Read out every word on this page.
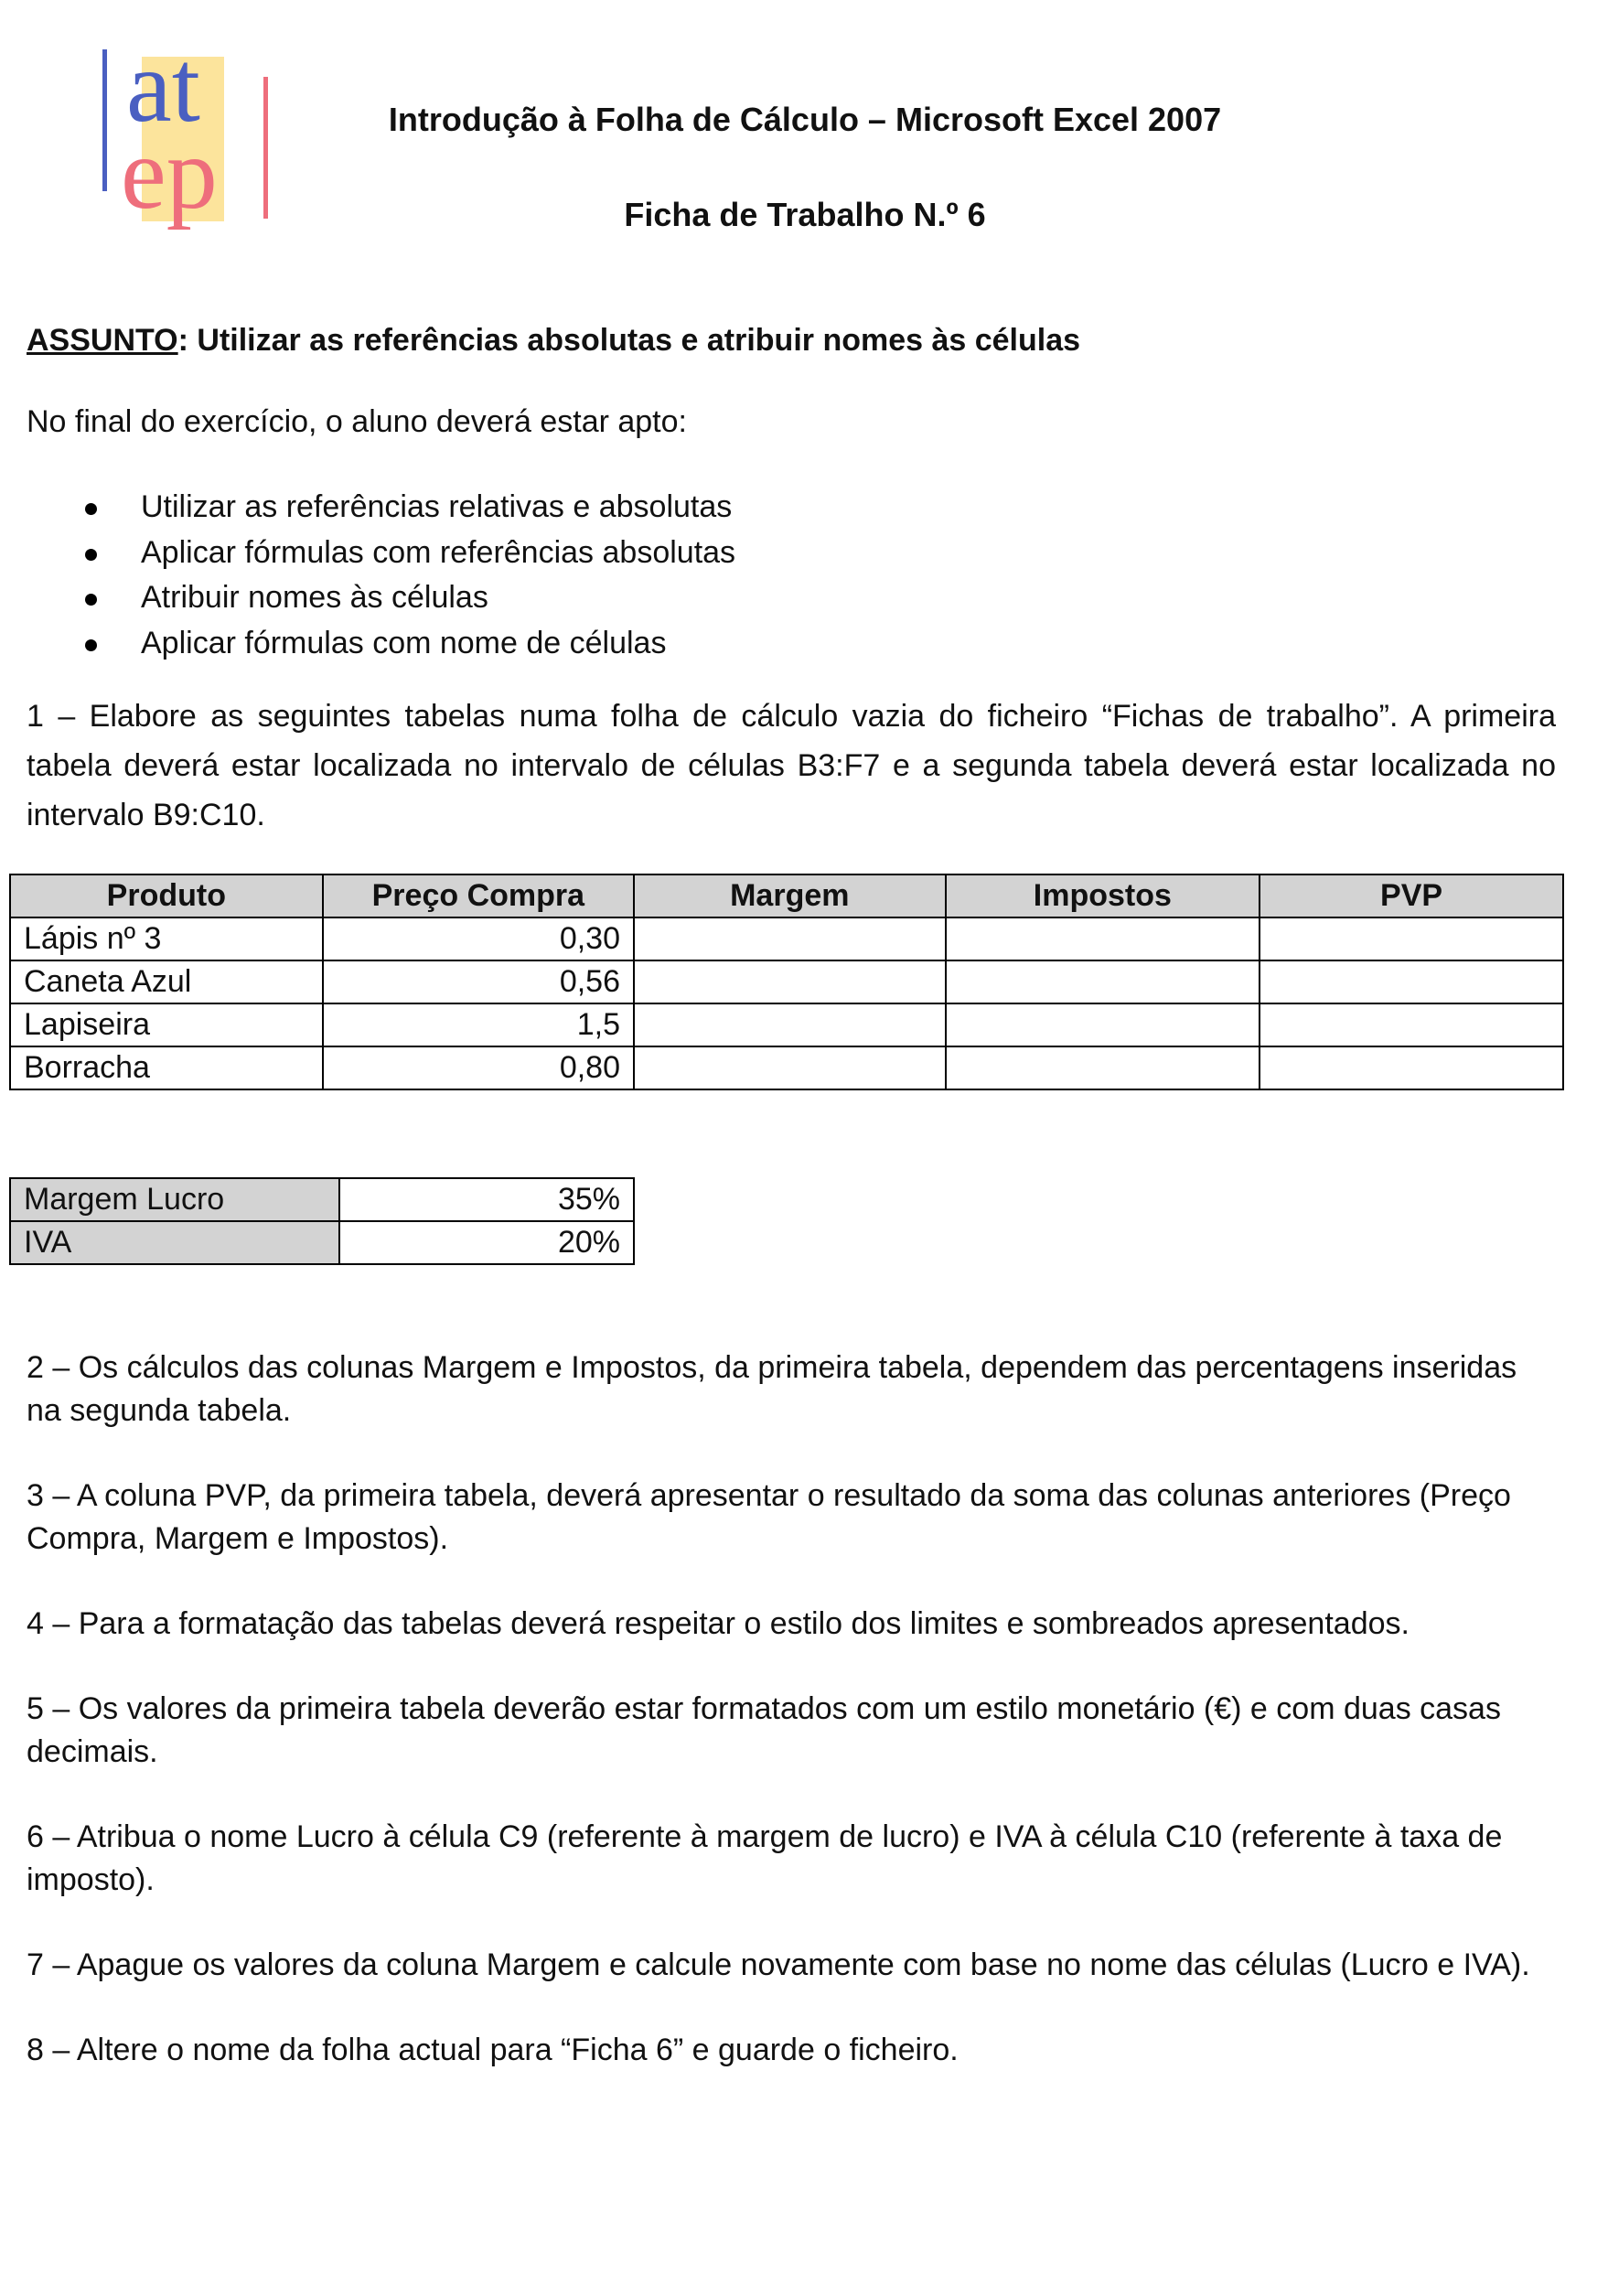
at
ep	Introdução à Folha de Cálculo – Microsoft Excel 2007
Ficha de Trabalho N.º 6
ASSUNTO: Utilizar as referências absolutas e atribuir nomes às células
No final do exercício, o aluno deverá estar apto:
Utilizar as referências relativas e absolutas
Aplicar fórmulas com referências absolutas
Atribuir nomes às células
Aplicar fórmulas com nome de células
1 – Elabore as seguintes tabelas numa folha de cálculo vazia do ficheiro “Fichas de trabalho”. A primeira tabela deverá estar localizada no intervalo de células B3:F7 e a segunda tabela deverá estar localizada no intervalo B9:C10.
Produto	Preço Compra	Margem	Impostos	PVP
Lápis nº 3	0,30			
Caneta Azul	0,56			
Lapiseira	1,5			
Borracha	0,80			
Margem Lucro	35%
IVA	20%
2 – Os cálculos das colunas Margem e Impostos, da primeira tabela, dependem das percentagens inseridas na segunda tabela.
3 – A coluna PVP, da primeira tabela, deverá apresentar o resultado da soma das colunas anteriores (Preço Compra, Margem e Impostos).
4 – Para a formatação das tabelas deverá respeitar o estilo dos limites e sombreados apresentados.
5 – Os valores da primeira tabela deverão estar formatados com um estilo monetário (€) e com duas casas decimais.
6 – Atribua o nome Lucro à célula C9 (referente à margem de lucro) e IVA à célula C10 (referente à taxa de imposto).
7 – Apague os valores da coluna Margem e calcule novamente com base no nome das células (Lucro e IVA).
8 – Altere o nome da folha actual para “Ficha 6” e guarde o ficheiro.
